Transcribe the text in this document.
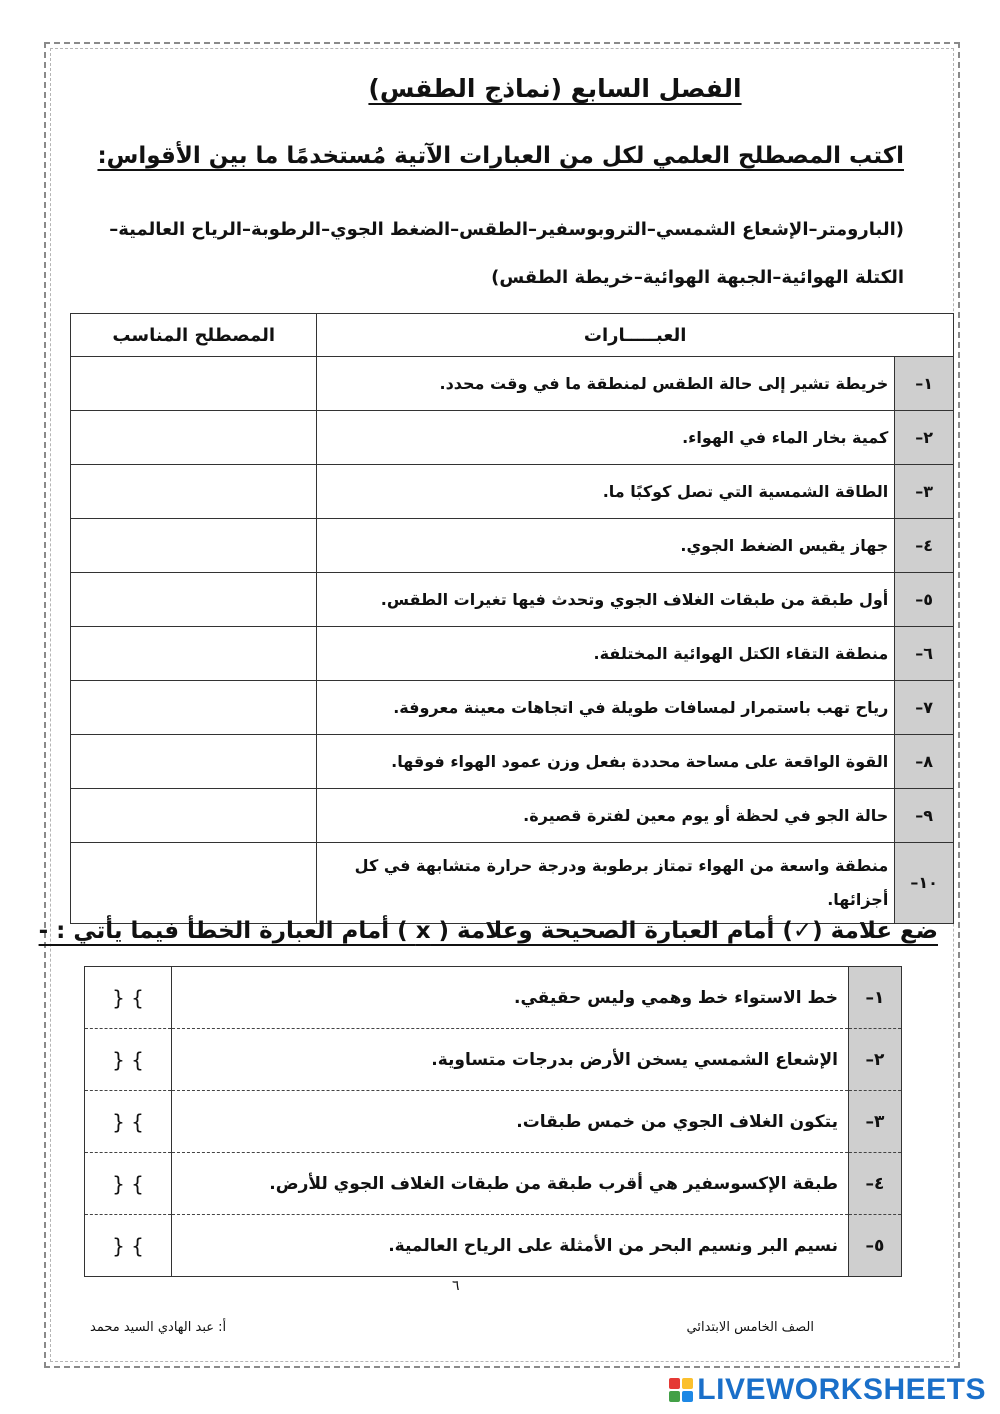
الفصل السابع (نماذج الطقس)
اكتب المصطلح العلمي لكل من العبارات الآتية مُستخدمًا ما بين الأقواس:
(البارومتر–الإشعاع الشمسي–التروبوسفير–الطقس–الضغط الجوي–الرطوبة–الرياح العالمية–الكتلة الهوائية–الجبهة الهوائية–خريطة الطقس)
العبـــــارات		المصطلح المناسب
١–	خريطة تشير إلى حالة الطقس لمنطقة ما في وقت محدد.	
٢–	كمية بخار الماء في الهواء.	
٣–	الطاقة الشمسية التي تصل كوكبًا ما.	
٤–	جهاز يقيس الضغط الجوي.	
٥–	أول طبقة من طبقات الغلاف الجوي وتحدث فيها تغيرات الطقس.	
٦–	منطقة التقاء الكتل الهوائية المختلفة.	
٧–	رياح تهب باستمرار لمسافات طويلة في اتجاهات معينة معروفة.	
٨–	القوة الواقعة على مساحة محددة بفعل وزن عمود الهواء فوقها.	
٩–	حالة الجو في لحظة أو يوم معين لفترة قصيرة.	
١٠–	منطقة واسعة من الهواء تمتاز برطوبة ودرجة حرارة متشابهة في كل أجزائها.	
ضع علامة (✓) أمام العبارة الصحيحة وعلامة ( x ) أمام العبارة الخطأ فيما يأتي : -
١–	خط الاستواء خط وهمي وليس حقيقي.	} {
٢–	الإشعاع الشمسي يسخن الأرض بدرجات متساوية.	} {
٣–	يتكون الغلاف الجوي من خمس طبقات.	} {
٤–	طبقة الإكسوسفير هي أقرب طبقة من طبقات الغلاف الجوي للأرض.	} {
٥–	نسيم البر ونسيم البحر من الأمثلة على الرياح العالمية.	} {
٦
أ: عبد الهادي السيد محمد	الصف الخامس الابتدائي
LIVEWORKSHEETS
